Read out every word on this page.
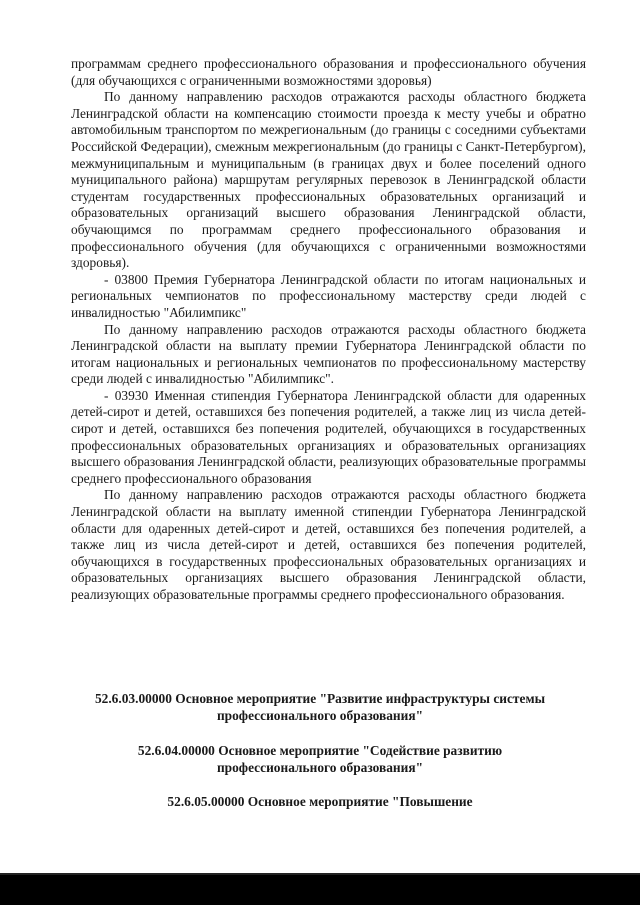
программам среднего профессионального образования и профессионального обучения (для обучающихся с ограниченными возможностями здоровья)

По данному направлению расходов отражаются расходы областного бюджета Ленинградской области на компенсацию стоимости проезда к месту учебы и обратно автомобильным транспортом по межрегиональным (до границы с соседними субъектами Российской Федерации), смежным межрегиональным (до границы с Санкт-Петербургом), межмуниципальным и муниципальным (в границах двух и более поселений одного муниципального района) маршрутам регулярных перевозок в Ленинградской области студентам государственных профессиональных образовательных организаций и образовательных организаций высшего образования Ленинградской области, обучающимся по программам среднего профессионального образования и профессионального обучения (для обучающихся с ограниченными возможностями здоровья).

- 03800 Премия Губернатора Ленинградской области по итогам национальных и региональных чемпионатов по профессиональному мастерству среди людей с инвалидностью "Абилимпикс"

По данному направлению расходов отражаются расходы областного бюджета Ленинградской области на выплату премии Губернатора Ленинградской области по итогам национальных и региональных чемпионатов по профессиональному мастерству среди людей с инвалидностью "Абилимпикс".

- 03930 Именная стипендия Губернатора Ленинградской области для одаренных детей-сирот и детей, оставшихся без попечения родителей, а также лиц из числа детей-сирот и детей, оставшихся без попечения родителей, обучающихся в государственных профессиональных образовательных организациях и образовательных организациях высшего образования Ленинградской области, реализующих образовательные программы среднего профессионального образования

По данному направлению расходов отражаются расходы областного бюджета Ленинградской области на выплату именной стипендии Губернатора Ленинградской области для одаренных детей-сирот и детей, оставшихся без попечения родителей, а также лиц из числа детей-сирот и детей, оставшихся без попечения родителей, обучающихся в государственных профессиональных образовательных организациях и образовательных организациях высшего образования Ленинградской области, реализующих образовательные программы среднего профессионального образования.

52.6.03.00000 Основное мероприятие "Развитие инфраструктуры системы профессионального образования"
52.6.04.00000 Основное мероприятие "Содействие развитию профессионального образования"
52.6.05.00000 Основное мероприятие "Повышение
